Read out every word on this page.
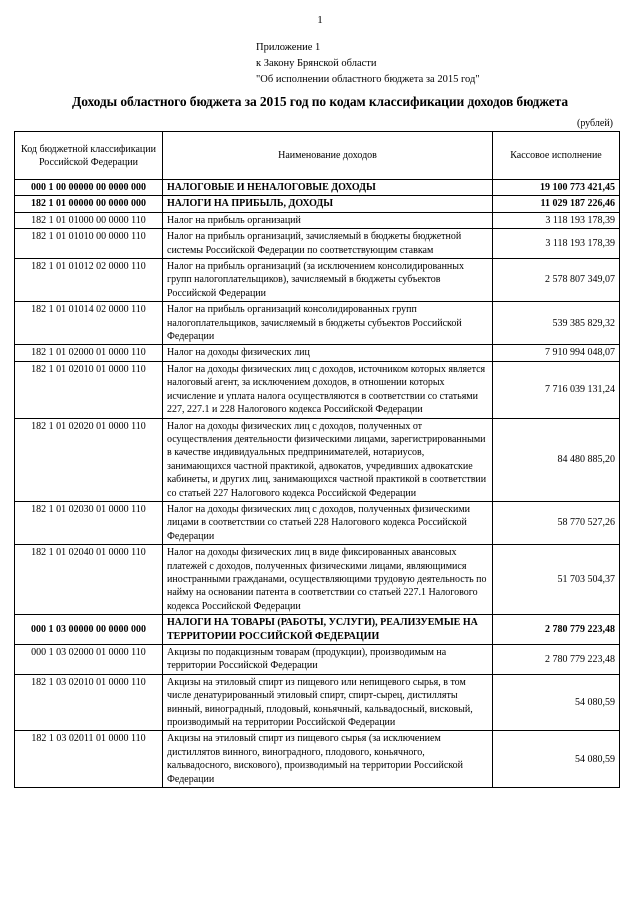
1
Приложение 1
к Закону Брянской области
"Об исполнении областного бюджета за 2015 год"
Доходы областного бюджета за 2015 год по кодам классификации доходов бюджета
(рублей)
Код бюджетной классификации Российской Федерации	Наименование доходов	Кассовое исполнение
000 1 00 00000 00 0000 000	НАЛОГОВЫЕ И НЕНАЛОГОВЫЕ ДОХОДЫ	19 100 773 421,45
182 1 01 00000 00 0000 000	НАЛОГИ НА ПРИБЫЛЬ, ДОХОДЫ	11 029 187 226,46
182 1 01 01000 00 0000 110	Налог на прибыль организаций	3 118 193 178,39
182 1 01 01010 00 0000 110	Налог на прибыль организаций, зачисляемый в бюджеты бюджетной системы Российской Федерации по соответствующим ставкам	3 118 193 178,39
182 1 01 01012 02 0000 110	Налог на прибыль организаций (за исключением консолидированных групп налогоплательщиков), зачисляемый в бюджеты субъектов Российской Федерации	2 578 807 349,07
182 1 01 01014 02 0000 110	Налог на прибыль организаций консолидированных групп налогоплательщиков, зачисляемый в бюджеты субъектов Российской Федерации	539 385 829,32
182 1 01 02000 01 0000 110	Налог на доходы физических лиц	7 910 994 048,07
182 1 01 02010 01 0000 110	Налог на доходы физических лиц с доходов, источником которых является налоговый агент, за исключением доходов, в отношении которых исчисление и уплата налога осуществляются в соответствии со статьями 227, 227.1 и 228 Налогового кодекса Российской Федерации	7 716 039 131,24
182 1 01 02020 01 0000 110	Налог на доходы физических лиц с доходов, полученных от осуществления деятельности физическими лицами, зарегистрированными в качестве индивидуальных предпринимателей, нотариусов, занимающихся частной практикой, адвокатов, учредивших адвокатские кабинеты, и других лиц, занимающихся частной практикой в соответствии со статьей 227 Налогового кодекса Российской Федерации	84 480 885,20
182 1 01 02030 01 0000 110	Налог на доходы физических лиц с доходов, полученных физическими лицами в соответствии со статьей 228 Налогового кодекса Российской Федерации	58 770 527,26
182 1 01 02040 01 0000 110	Налог на доходы физических лиц в виде фиксированных авансовых платежей с доходов, полученных физическими лицами, являющимися иностранными гражданами, осуществляющими трудовую деятельность по найму на основании патента в соответствии со статьей 227.1 Налогового кодекса Российской Федерации	51 703 504,37
000 1 03 00000 00 0000 000	НАЛОГИ НА ТОВАРЫ (РАБОТЫ, УСЛУГИ), РЕАЛИЗУЕМЫЕ НА ТЕРРИТОРИИ РОССИЙСКОЙ ФЕДЕРАЦИИ	2 780 779 223,48
000 1 03 02000 01 0000 110	Акцизы по подакцизным товарам (продукции), производимым на территории Российской Федерации	2 780 779 223,48
182 1 03 02010 01 0000 110	Акцизы на этиловый спирт из пищевого или непищевого сырья, в том числе денатурированный этиловый спирт, спирт-сырец, дистилляты винный, виноградный, плодовый, коньячный, кальвадосный, висковый, производимый на территории Российской Федерации	54 080,59
182 1 03 02011 01 0000 110	Акцизы на этиловый спирт из пищевого сырья (за исключением дистиллятов винного, виноградного, плодового, коньячного, кальвадосного, вискового), производимый на территории Российской Федерации	54 080,59
